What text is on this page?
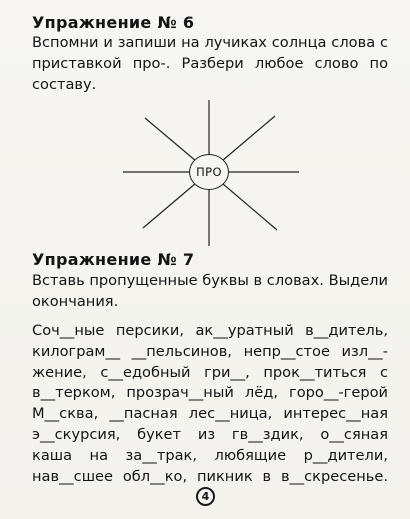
Упражнение № 6
Вспомни и запиши на лучиках солнца слова с приставкой про-. Разбери любое слово по составу.
ПРО
Упражнение № 7
Вставь пропущенные буквы в словах. Выдели окончания.
Соч__ные персики, ак__уратный в__дитель,
килограм__ __пельсинов, непр__стое изл__-
жение, с__едобный гри__, прок__титься с
в__терком, прозрач__ный лёд, горо__-герой
М__сква, __пасная лес__ница, интерес__ная
э__скурсия, букет из гв__здик, о__сяная
каша на за__трак, любящие р__дители,
нав__сшее обл__ко, пикник в в__скресенье.
4
